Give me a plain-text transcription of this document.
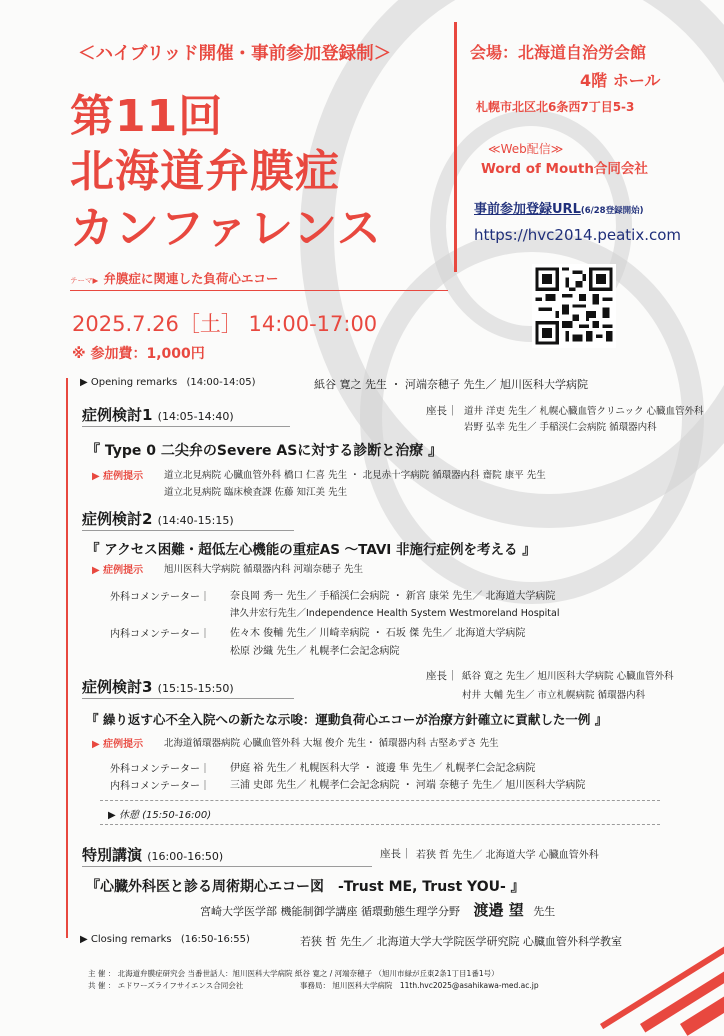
＜ハイブリッド開催・事前参加登録制＞
第11回
北海道弁膜症
カンファレンス
テーマ▶ 弁膜症に関連した負荷心エコー
2025.7.26［土］ 14:00-17:00
※ 参加費：1,000円
会場：北海道自治労会館
4階 ホール
札幌市北区北6条西7丁目5-3
≪Web配信≫
Word of Mouth合同会社
事前参加登録URL(6/28登録開始)
https://hvc2014.peatix.com
▶ Opening remarks (14:00-14:05)	紙谷 寛之 先生 ・ 河端奈穂子 先生／ 旭川医科大学病院
症例検討1 (14:05-14:40)	座長｜ 道井 洋吏 先生／ 札幌心臓血管クリニック 心臓血管外科
岩野 弘幸 先生／ 手稲渓仁会病院 循環器内科
『 Type 0 二尖弁のSevere ASに対する診断と治療 』
▶ 症例提示 道立北見病院 心臓血管外科 橋口 仁喜 先生 ・ 北見赤十字病院 循環器内科 齋院 康平 先生
道立北見病院 臨床検査課 佐藤 知江美 先生
症例検討2 (14:40-15:15)
『 アクセス困難・超低左心機能の重症AS ～TAVI 非施行症例を考える 』
▶ 症例提示 旭川医科大学病院 循環器内科 河端奈穂子 先生
外科コメンテーター｜ 奈良岡 秀一 先生／ 手稲渓仁会病院 ・ 新宮 康栄 先生／ 北海道大学病院
津久井宏行先生／Independence Health System Westmoreland Hospital
内科コメンテーター｜ 佐々木 俊輔 先生／ 川崎幸病院 ・ 石坂 傑 先生／ 北海道大学病院
松原 沙織 先生／ 札幌孝仁会記念病院
症例検討3 (15:15-15:50)
座長｜ 紙谷 寛之 先生／ 旭川医科大学病院 心臓血管外科
村井 大輔 先生／ 市立札幌病院 循環器内科
『 繰り返す心不全入院への新たな示唆：運動負荷心エコーが治療方針確立に貢献した一例 』
▶ 症例提示 北海道循環器病院 心臓血管外科 大堀 俊介 先生・ 循環器内科 古堅あずさ 先生
外科コメンテーター｜ 伊庭 裕 先生／ 札幌医科大学 ・ 渡邊 隼 先生／ 札幌孝仁会記念病院
内科コメンテーター｜ 三浦 史郎 先生／ 札幌孝仁会記念病院 ・ 河端 奈穂子 先生／ 旭川医科大学病院
▶ 休憩 (15:50-16:00)
特別講演 (16:00-16:50)	座長｜ 若狭 哲 先生／ 北海道大学 心臓血管外科
『心臓外科医と診る周術期心エコー図　-Trust ME, Trust YOU- 』
宮崎大学医学部 機能制御学講座 循環動態生理学分野 渡邉 望 先生
▶ Closing remarks (16:50-16:55)	若狭 哲 先生／ 北海道大学大学院医学研究院 心臓血管外科学教室
主 催 ： 北海道弁膜症研究会 当番世話人：旭川医科大学病院 紙谷 寛之 / 河端奈穂子 （旭川市緑が丘東2条1丁目1番1号）
共 催 ： エドワーズライフサイエンス合同会社	事務局： 旭川医科大学病院　11th.hvc2025@asahikawa-med.ac.jp
